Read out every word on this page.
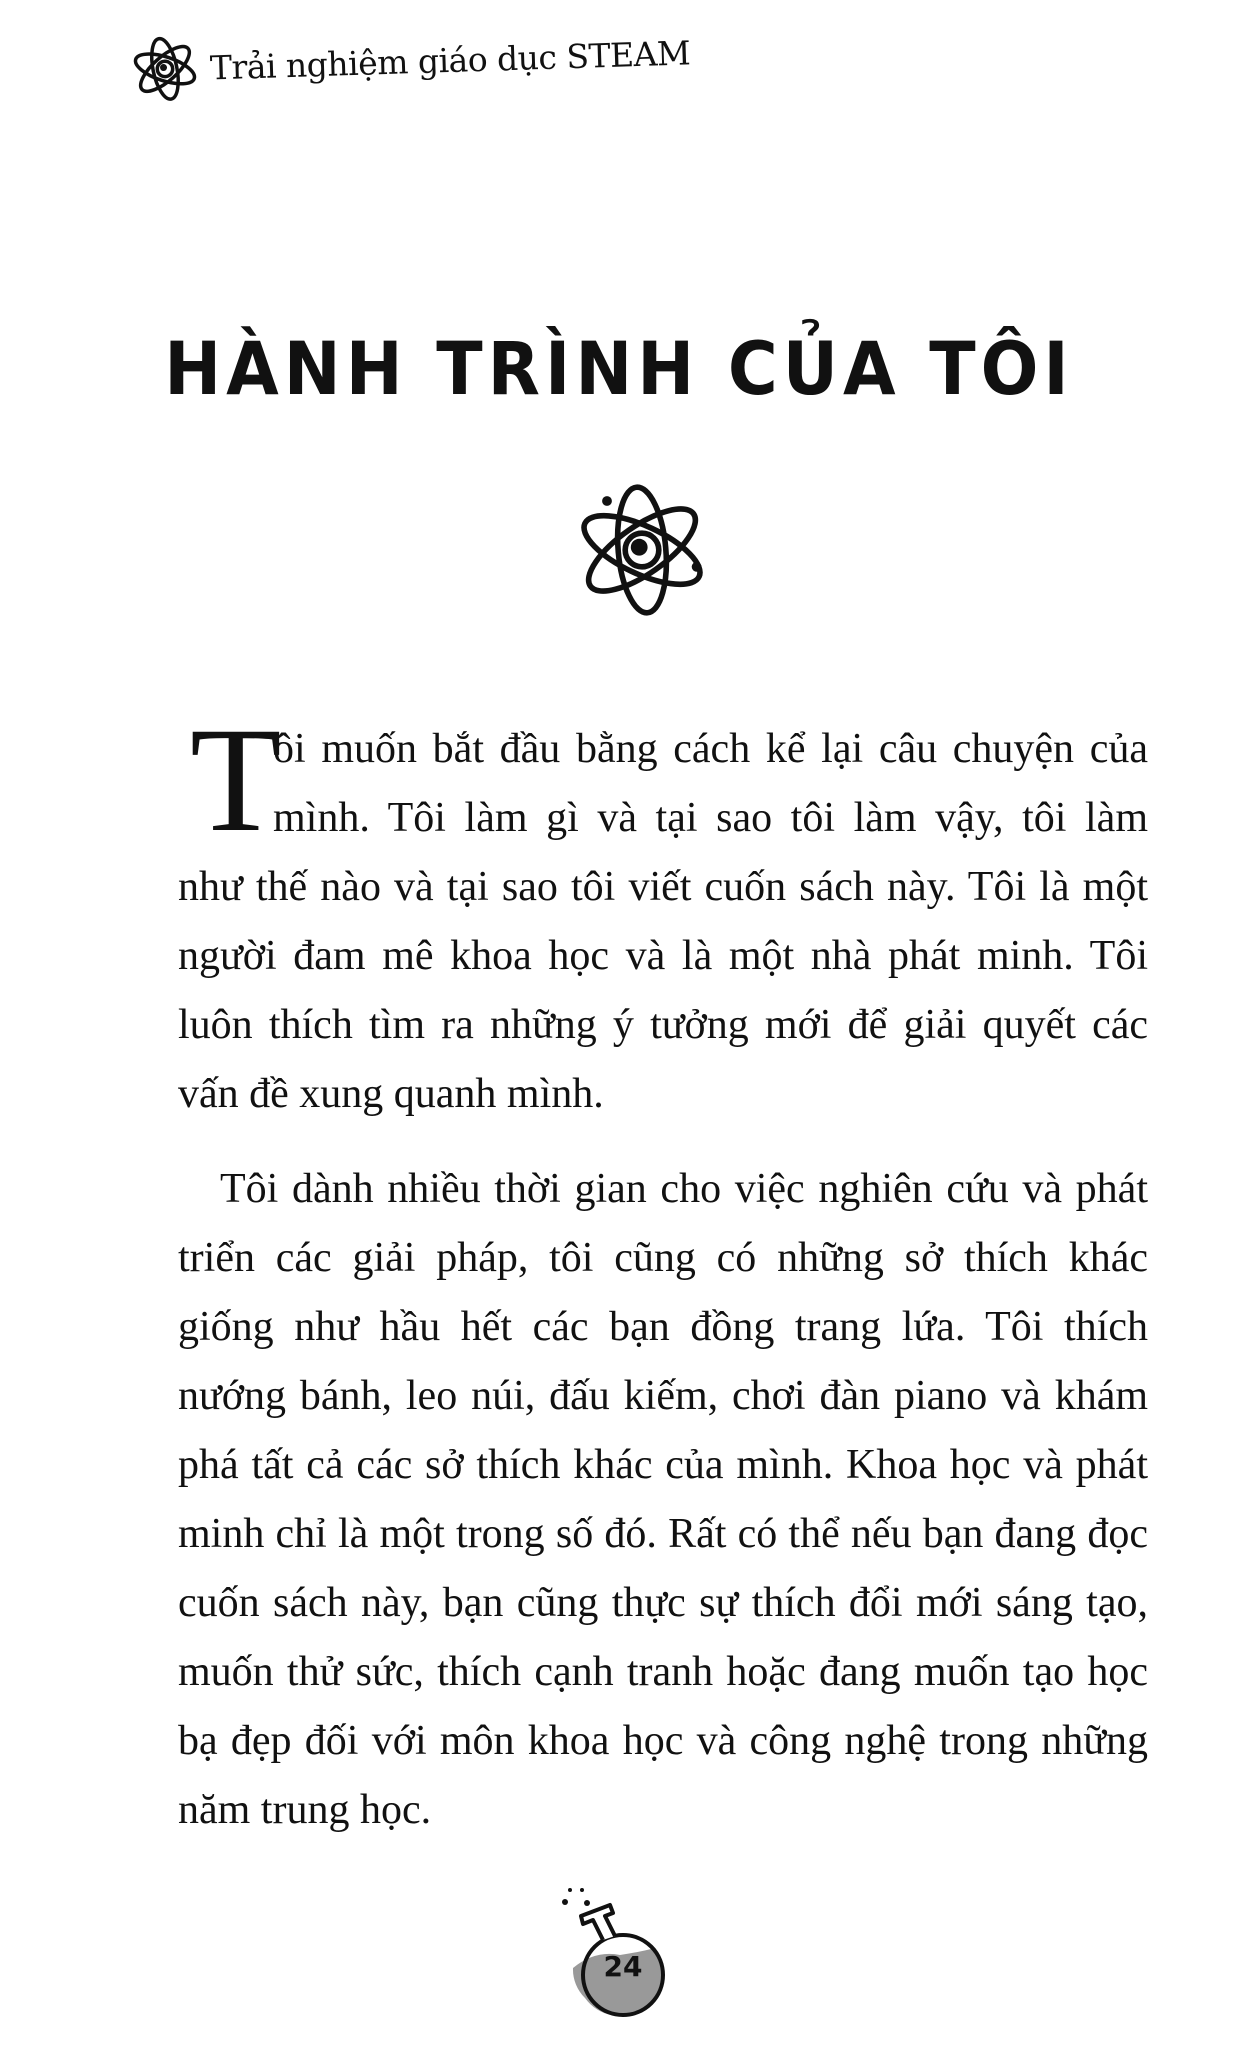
Trải nghiệm giáo dục STEAM
HÀNH TRÌNH CỦA TÔI
T
ôi muốn bắt đầu bằng cách kể lại câu chuyện của
mình. Tôi làm gì và tại sao tôi làm vậy, tôi làm
như thế nào và tại sao tôi viết cuốn sách này. Tôi là một
người đam mê khoa học và là một nhà phát minh. Tôi
luôn thích tìm ra những ý tưởng mới để giải quyết các
vấn đề xung quanh mình.
Tôi dành nhiều thời gian cho việc nghiên cứu và phát
triển các giải pháp, tôi cũng có những sở thích khác
giống như hầu hết các bạn đồng trang lứa. Tôi thích
nướng bánh, leo núi, đấu kiếm, chơi đàn piano và khám
phá tất cả các sở thích khác của mình. Khoa học và phát
minh chỉ là một trong số đó. Rất có thể nếu bạn đang đọc
cuốn sách này, bạn cũng thực sự thích đổi mới sáng tạo,
muốn thử sức, thích cạnh tranh hoặc đang muốn tạo học
bạ đẹp đối với môn khoa học và công nghệ trong những
năm trung học.
24
